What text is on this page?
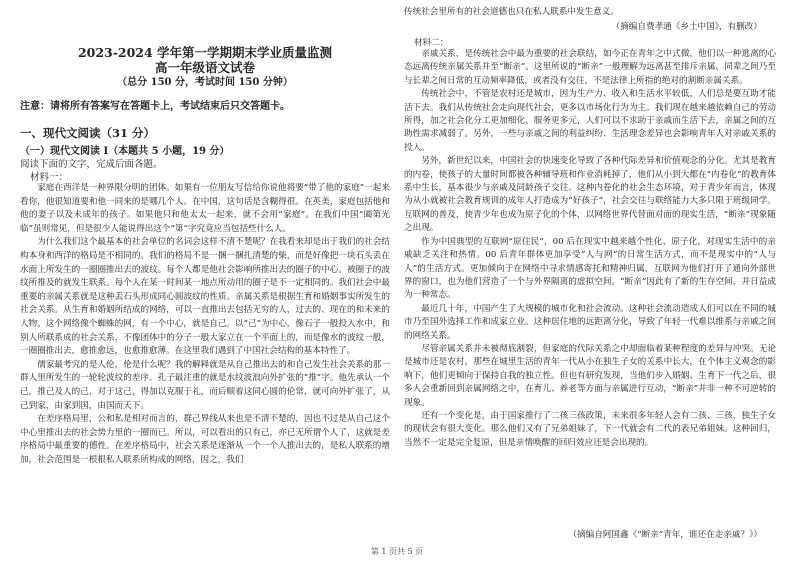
2023-2024 学年第一学期期末学业质量监测
高一年级语文试卷
（总分 150 分，考试时间 150 分钟）
注意：请将所有答案写在答题卡上，考试结束后只交答题卡。
一、现代文阅读（31 分）
（一）现代文阅读 I（本题共 5 小题，19 分）
阅读下面的文字，完成后面各题。
材料一：

家庭在西洋是一种界限分明的团体。如果有一位朋友写信给你说他将要“带了他的家庭”一起来看你，他很知道要和他一同来的是哪几个人。在中国，这句话是含糊得很。在英美，家庭包括他和他的妻子以及未成年的孩子。如果他只和他太太一起来，就不会用“家庭”。在我们中国“阖第光临”虽则常见，但是很少人能说得出这个“第”字究竟应当包括些什么人。

为什么我们这个最基本的社会单位的名词会这样不清不楚呢？在我看来却是出于我们的社会结构本身和西洋的格局是不相同的。我们的格局不是一捆一捆扎清楚的柴，而是好像把一块石头丢在水面上所发生的一圈圈推出去的波纹。每个人都是他社会影响所推出去的圈子的中心。被圈子的波纹所推及的就发生联系。每个人在某一时间某一地点所动用的圈子是不一定相同的。我们社会中最重要的亲属关系就是这种丢石头形成同心圆波纹的性质。亲属关系是根据生育和婚姻事实所发生的社会关系。从生育和婚姻所结成的网络，可以一直推出去包括无穷的人，过去的、现在的和未来的人物。这个网络像个蜘蛛的网，有一个中心，就是自己。以“己”为中心，像石子一般投入水中，和别人所联系成的社会关系，不像团体中的分子一般大家立在一个平面上的，而是像水的波纹一般，一圈圈推出去，愈推愈远，也愈推愈薄。在这里我们遇到了中国社会结构的基本特性了。

儒家最考究的是人伦，伦是什么呢？我的解释就是从自己推出去的和自己发生社会关系的那一群人里所发生的一轮轮波纹的差序。孔子最注重的就是水纹波浪向外扩张的“推”字。他先承认一个己，推己及人的己，对于这己，得加以克服于礼，而后顺着这同心圆的伦常，就可向外扩张了，从己到家，由家到国，由国而天下。

在差序格局里，公和私是相对而言的，群己界线从来也是不清不楚的，因也不过是从自己这个中心里推出去的社会势力里的一圈而已。所以，可以看出的只有己，亦已无所谓个人了，这就是差序格局中最重要的德性。在差序格局中，社会关系是逐渐从一个一个人推出去的，是私人联系的增加，社会范围是一根根私人联系所构成的网络，因之，我们

传统社会里所有的社会道德也只在私人联系中发生意义。
（摘编自费孝通《乡土中国》，有删改）
材料二：

亲戚关系，是传统社会中最为重要的社会联结，如今正在青年之中式微，他们以一种逃离的心态远离传统亲属关系并至“断亲”。这里所说的“断亲”一般理解为远离甚至排斥亲属，同辈之间乃至与长辈之间日常的互动频率降低，或者没有交往，不是法律上所指的绝对的割断亲属关系。

传统社会中，不管是农村还是城市，因为生产力、收入和生活水平较低，人们总是要互助才能活下去。我们从传统社会走向现代社会，更多以市场化行为为主。我们现在越来越依赖自己的劳动所得，加之社会化分工更加细化、服务更多元，人们可以不求助于亲戚而生活下去，亲属之间的互助性需求减弱了。另外，一些与亲戚之间的利益纠纷、生活理念差异也会影响青年人对亲戚关系的投入。

另外，新世纪以来，中国社会的快速变化导致了各种代际差异和价值观念的分化。尤其是教育的内卷，使孩子的大量时间都被各种辅导班和作业消耗掉了，他们从小到大都在“内卷化”的教育体系中生长，基本很少与亲戚及同龄孩子交往。这种内卷化的社会生态环境，对于青少年而言，体现为从小就被社会教育规训的成年人打造成为“好孩子”，社会交往与联络能力大多只限于班级同学。互联网的普及，使青少年也成为原子化的个体，以网络世界代替面对面的现实生活，“断亲”现象随之出现。

作为中国典型的互联网“原住民”，00 后在现实中越来越个性化、原子化，对现实生活中的亲戚缺乏关注和热情。00 后青年群体更加享受“人与网”的日常生活方式，而不是现实中的“人与人”的生活方式。更加倾向于在网络中寻求情感寄托和精神归属，互联网为他们打开了通向外部世界的窗口，也为他们营造了一个与外界隔离的虚拟空间。“断亲”因此有了新的生存空间，并日益成为一种常态。

最近几十年，中国产生了大规模的城市化和社会流动。这种社会流动造成人们可以在不同的城市乃至国外选择工作和成家立业。这种居住地的远距离分化，导致了年轻一代难以维系与亲戚之间的网络关系。

尽管亲属关系并未被彻底割裂，但家庭的代际关系之中却面临着某种程度的差异与冲突。无论是城市还是农村，那些在城里生活的青年一代从小在独生子女的关系中长大，在个体主义观念的影响下，他们更倾向于保持自我的独立性。但也有研究发现，当他们步入婚姻、生育下一代之后，很多人会重新回到亲属网络之中，在育儿、养老等方面与亲属进行互动，“断亲”并非一种不可逆转的现象。

还有一个变化是，由于国家推行了二孩三孩政策，未来很多年轻人会有二孩、三孩，独生子女的现状会有很大变化。那么他们又有了兄弟姐妹了，下一代就会有二代的表兄弟姐妹。这种回归，当然不一定是完全复原，但是亲情唤醒的回归效应还是会出现的。

（摘编自阿国鑫《“断亲”青年，谁还在走亲戚？》）
第 1 页共 5 页
